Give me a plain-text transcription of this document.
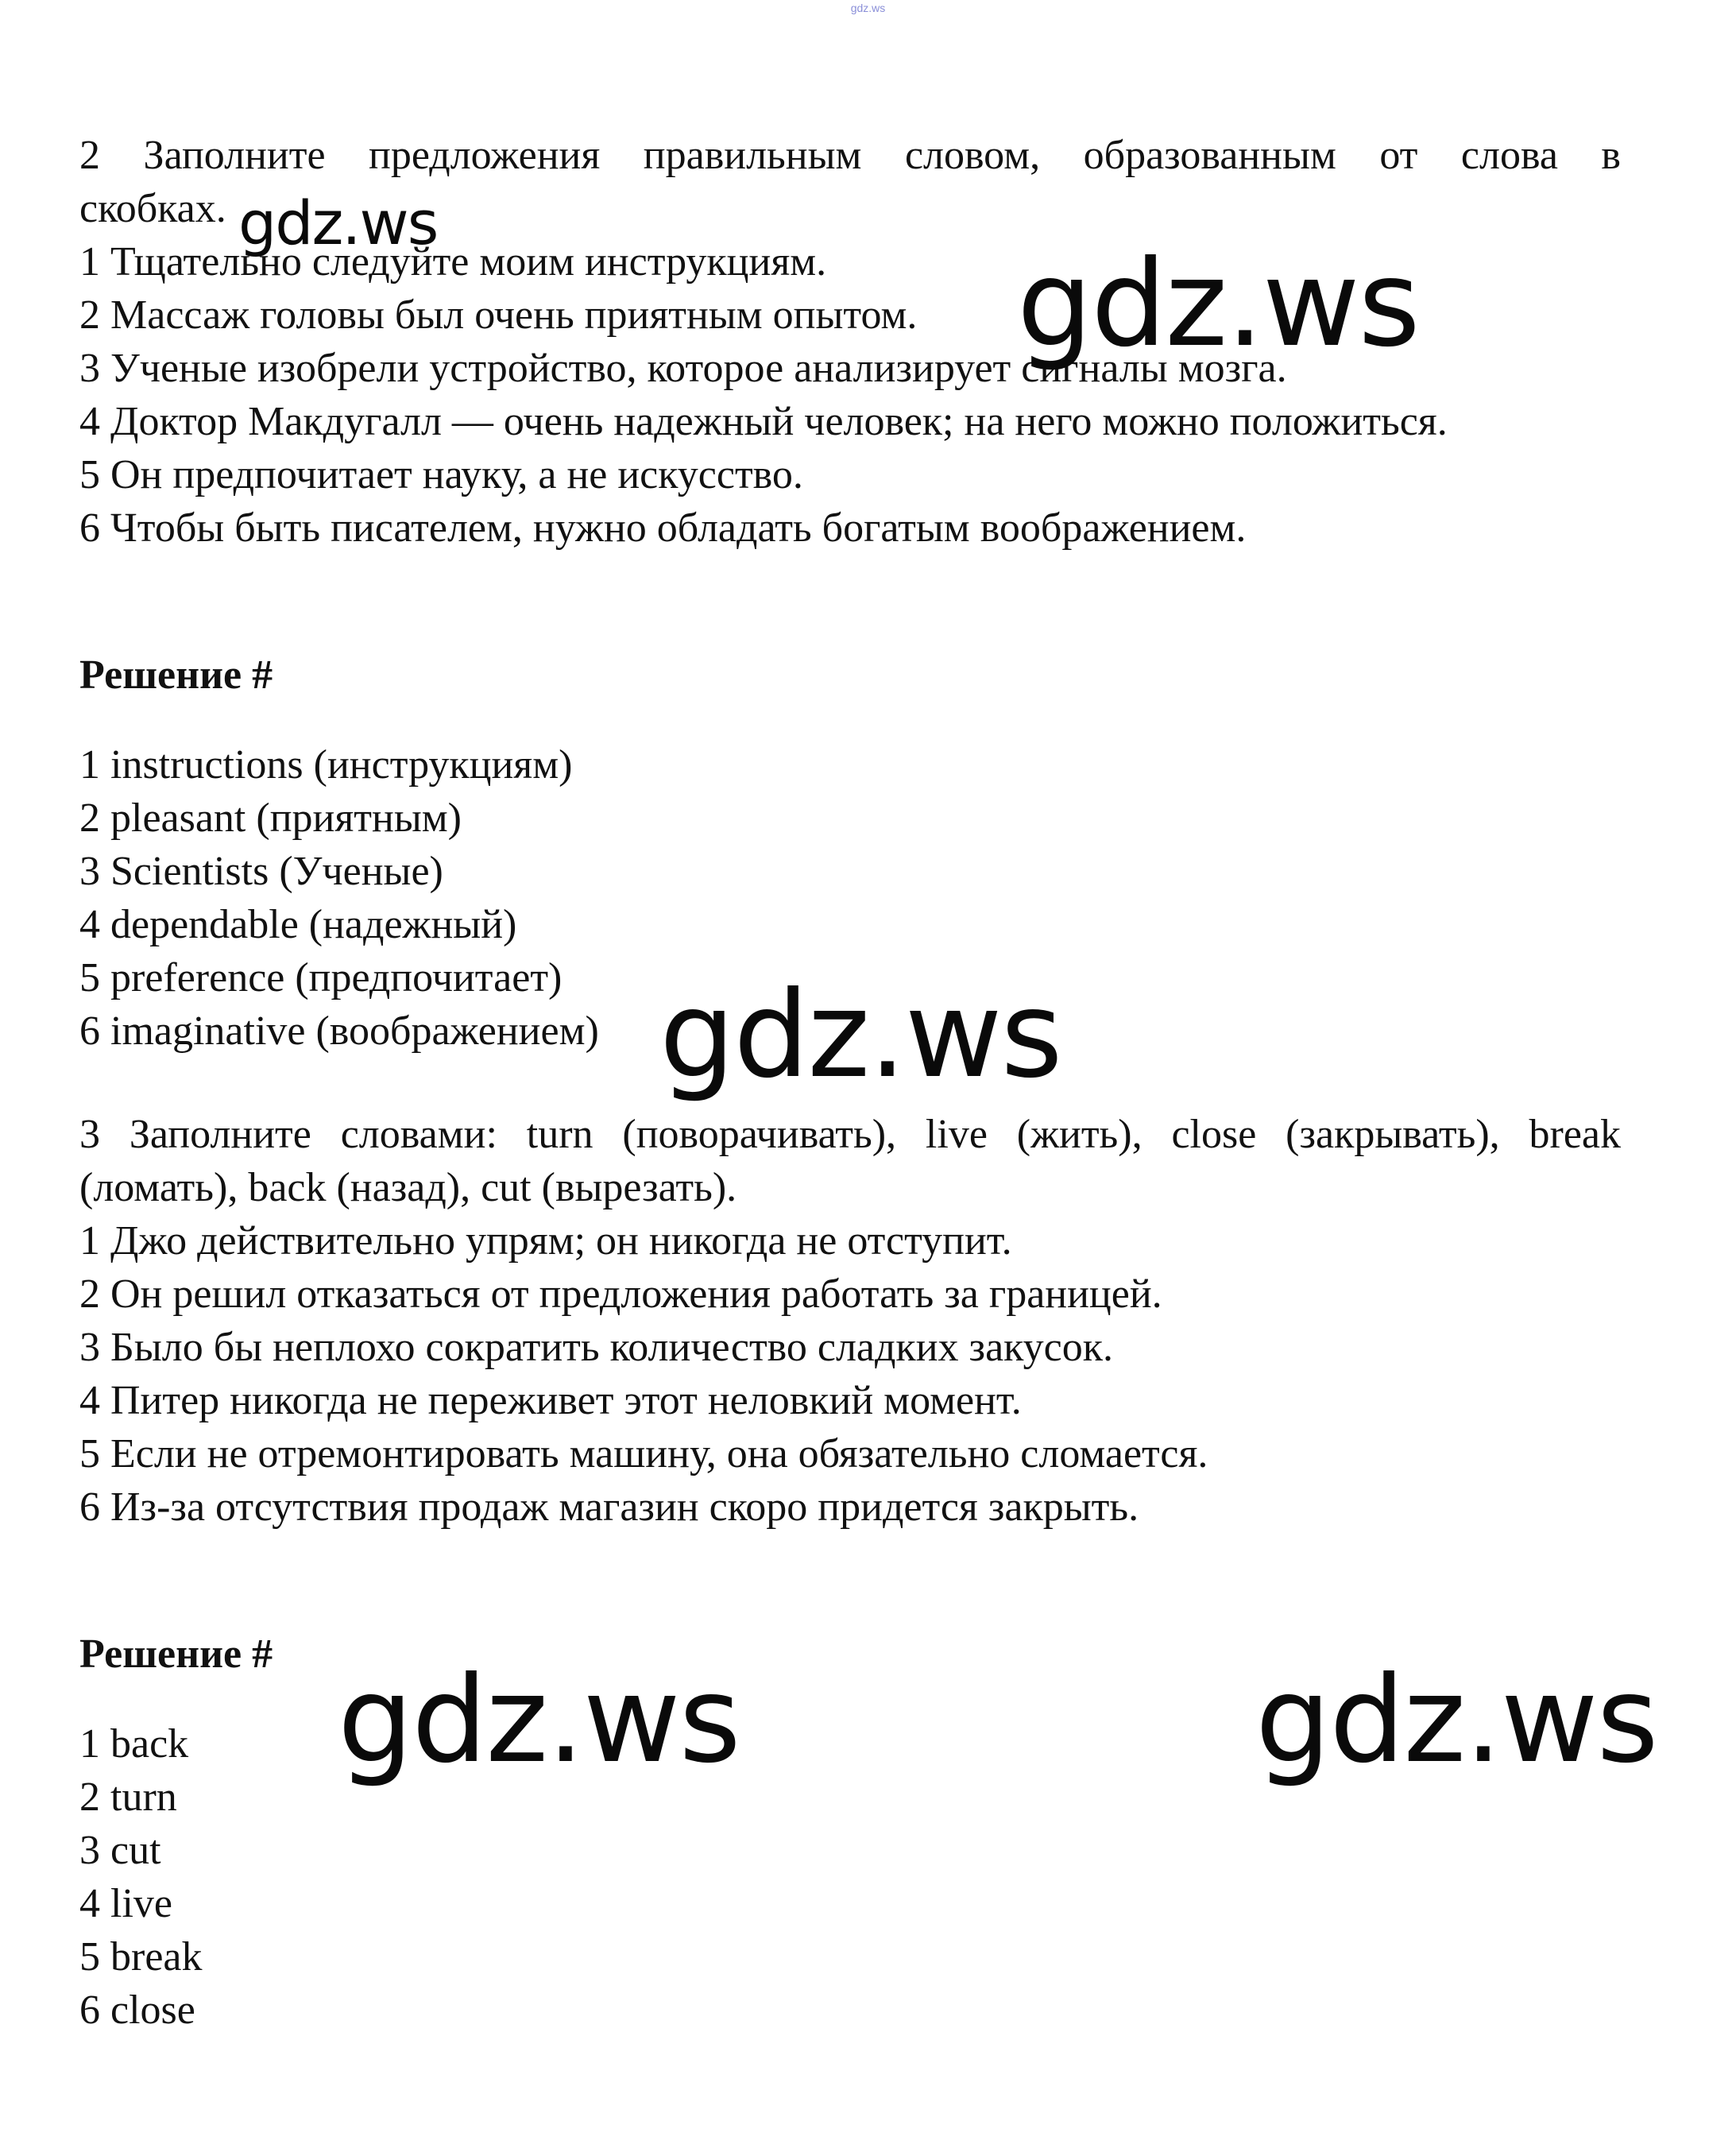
gdz.ws
2 Заполните предложения правильным словом, образованным от слова в
скобках.
1 Тщательно следуйте моим инструкциям.
2 Массаж головы был очень приятным опытом.
3 Ученые изобрели устройство, которое анализирует сигналы мозга.
4 Доктор Макдугалл — очень надежный человек; на него можно положиться.
5 Он предпочитает науку, а не искусство.
6 Чтобы быть писателем, нужно обладать богатым воображением.
Решение #
1 instructions (инструкциям)
2 pleasant (приятным)
3 Scientists (Ученые)
4 dependable (надежный)
5 preference (предпочитает)
6 imaginative (воображением)
3 Заполните словами: turn (поворачивать), live (жить), close (закрывать), break
(ломать), back (назад), cut (вырезать).
1 Джо действительно упрям; он никогда не отступит.
2 Он решил отказаться от предложения работать за границей.
3 Было бы неплохо сократить количество сладких закусок.
4 Питер никогда не переживет этот неловкий момент.
5 Если не отремонтировать машину, она обязательно сломается.
6 Из-за отсутствия продаж магазин скоро придется закрыть.
Решение #
1 back
2 turn
3 cut
4 live
5 break
6 close
gdz.ws
gdz.ws
gdz.ws
gdz.ws	gdz.ws
